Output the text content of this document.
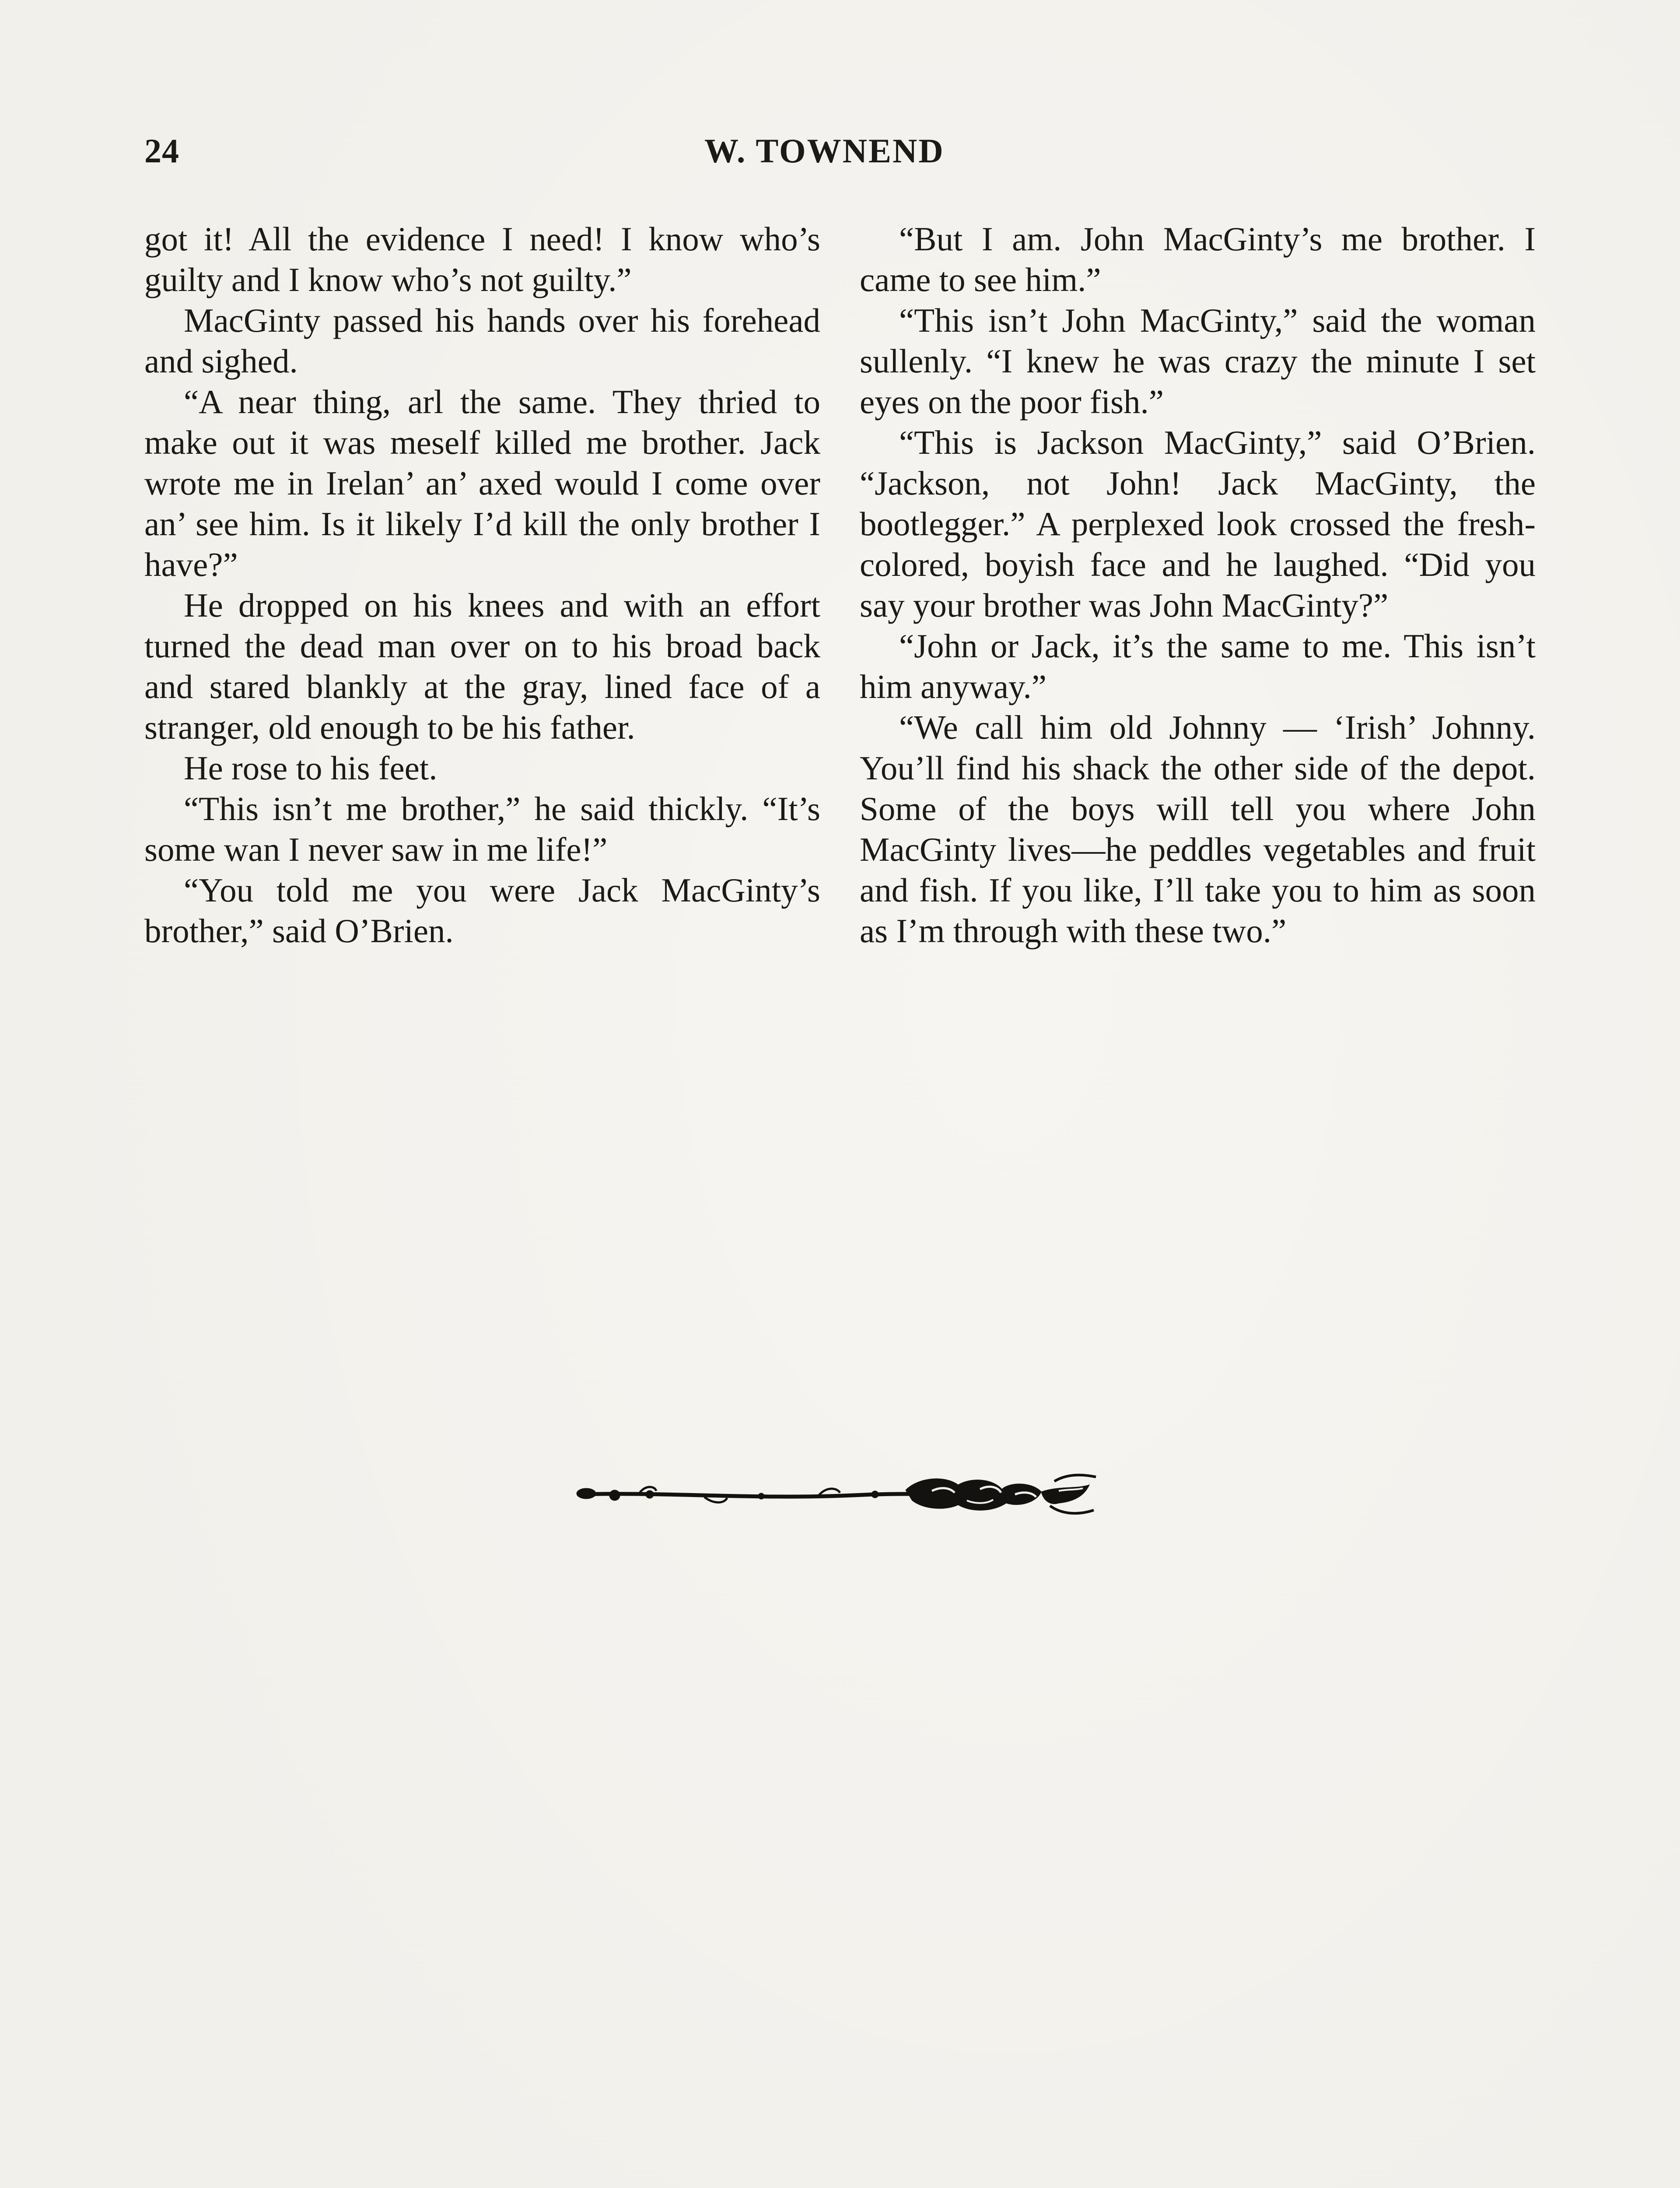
24	W. TOWNEND

got it! All the evidence I need! I know who’s guilty and I know who’s not guilty.”

MacGinty passed his hands over his forehead and sighed.

“A near thing, arl the same. They thried to make out it was meself killed me brother. Jack wrote me in Irelan’ an’ axed would I come over an’ see him. Is it likely I’d kill the only brother I have?”

He dropped on his knees and with an effort turned the dead man over on to his broad back and stared blankly at the gray, lined face of a stranger, old enough to be his father.

He rose to his feet.

“This isn’t me brother,” he said thickly. “It’s some wan I never saw in me life!”

“You told me you were Jack MacGinty’s brother,” said O’Brien.

“But I am. John MacGinty’s me brother. I came to see him.”

“This isn’t John MacGinty,” said the woman sullenly. “I knew he was crazy the minute I set eyes on the poor fish.”

“This is Jackson MacGinty,” said O’Brien. “Jackson, not John! Jack MacGinty, the bootlegger.” A perplexed look crossed the fresh-colored, boyish face and he laughed. “Did you say your brother was John MacGinty?”

“John or Jack, it’s the same to me. This isn’t him anyway.”

“We call him old Johnny — ‘Irish’ Johnny. You’ll find his shack the other side of the depot. Some of the boys will tell you where John MacGinty lives—he peddles vegetables and fruit and fish. If you like, I’ll take you to him as soon as I’m through with these two.”
